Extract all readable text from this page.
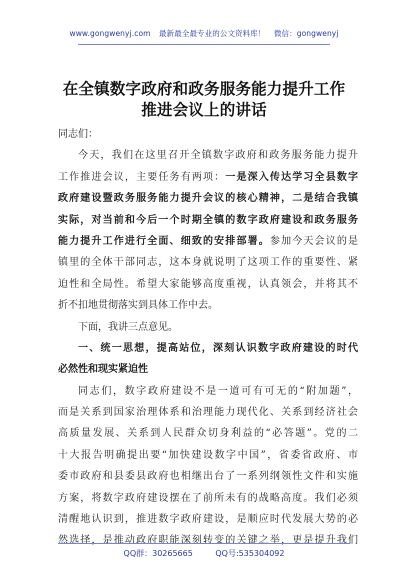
www.gongwenyj.com 最新最全最专业的公文资料库！ 微信：gongwenyj
在全镇数字政府和政务服务能力提升工作
推进会议上的讲话
同志们：
今天，我们在这里召开全镇数字政府和政务服务能力提升
工作推进会议，主要任务有两项：一是深入传达学习全县数字
政府建设暨政务服务能力提升会议的核心精神，二是结合我镇
实际，对当前和今后一个时期全镇的数字政府建设和政务服务
能力提升工作进行全面、细致的安排部署。参加今天会议的是
镇里的全体干部同志，这本身就说明了这项工作的重要性、紧
迫性和全局性。希望大家能够高度重视，认真领会，并将其不
折不扣地贯彻落实到具体工作中去。
下面，我讲三点意见。
一、统一思想，提高站位，深刻认识数字政府建设的时代
必然性和现实紧迫性
同志们，数字政府建设不是一道可有可无的“附加题”，
而是关系到国家治理体系和治理能力现代化、关系到经济社会
高质量发展、关系到人民群众切身利益的“必答题”。党的二
十大报告明确提出要“加快建设数字中国”，省委省政府、市
委市政府和县委县政府也相继出台了一系列纲领性文件和实施
方案，将数字政府建设摆在了前所未有的战略高度。我们必须
清醒地认识到，推进数字政府建设，是顺应时代发展大势的必
然选择，是推动政府职能深刻转变的关键之举，更是提升我们
QQ群：30265665	QQ号:535304092
